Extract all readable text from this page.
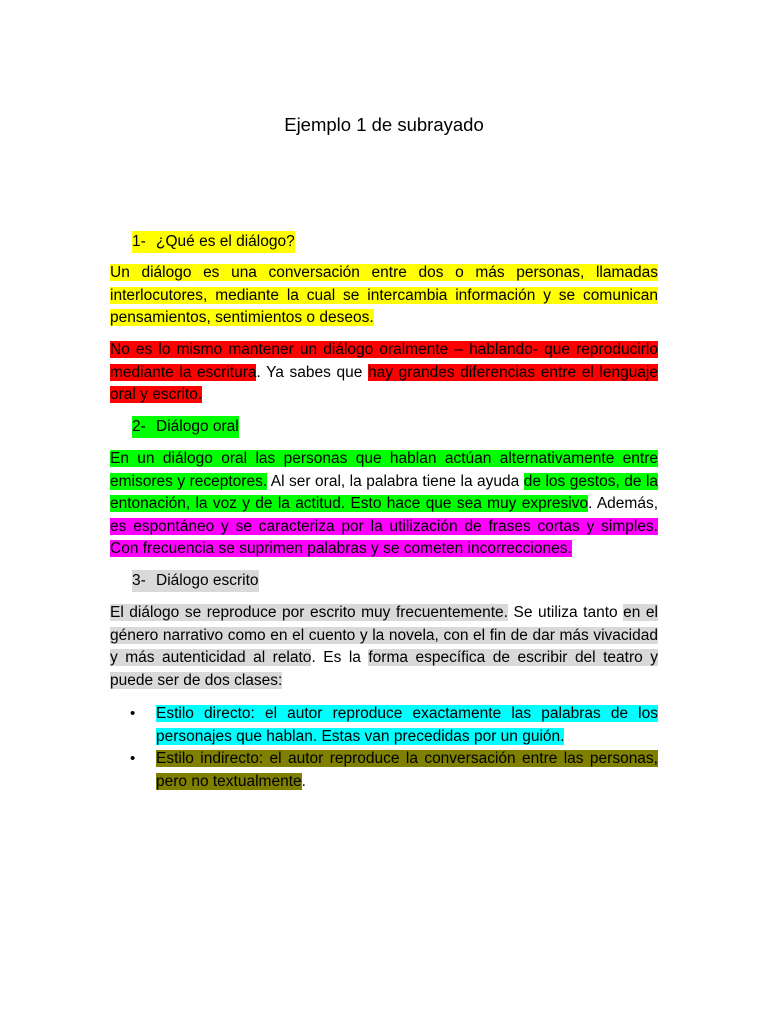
Ejemplo 1 de subrayado
1- ¿Qué es el diálogo?
Un diálogo es una conversación entre dos o más personas, llamadas interlocutores, mediante la cual se intercambia información y se comunican pensamientos, sentimientos o deseos.
No es lo mismo mantener un diálogo oralmente – hablando- que reproducirlo mediante la escritura. Ya sabes que hay grandes diferencias entre el lenguaje oral y escrito.
2- Diálogo oral
En un diálogo oral las personas que hablan actúan alternativamente entre emisores y receptores. Al ser oral, la palabra tiene la ayuda de los gestos, de la entonación, la voz y de la actitud. Esto hace que sea muy expresivo. Además, es espontáneo y se caracteriza por la utilización de frases cortas y simples. Con frecuencia se suprimen palabras y se cometen incorrecciones.
3- Diálogo escrito
El diálogo se reproduce por escrito muy frecuentemente. Se utiliza tanto en el género narrativo como en el cuento y la novela, con el fin de dar más vivacidad y más autenticidad al relato. Es la forma específica de escribir del teatro y puede ser de dos clases:
• Estilo directo: el autor reproduce exactamente las palabras de los personajes que hablan. Estas van precedidas por un guión.
• Estilo indirecto: el autor reproduce la conversación entre las personas, pero no textualmente.
